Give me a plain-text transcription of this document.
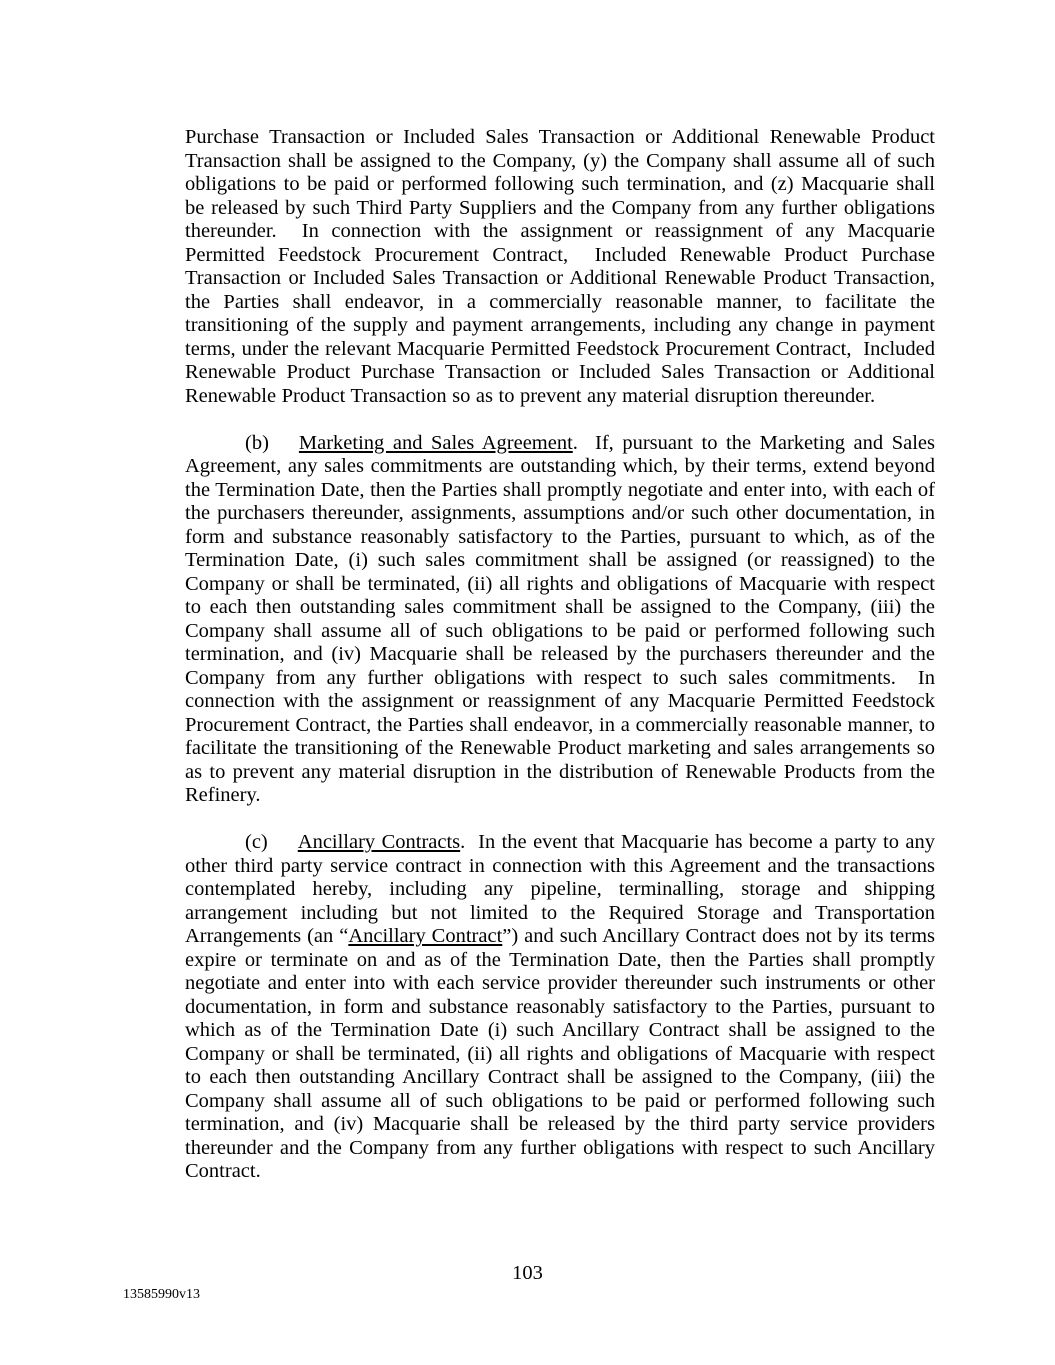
Purchase Transaction or Included Sales Transaction or Additional Renewable Product Transaction shall be assigned to the Company, (y) the Company shall assume all of such obligations to be paid or performed following such termination, and (z) Macquarie shall be released by such Third Party Suppliers and the Company from any further obligations thereunder.  In connection with the assignment or reassignment of any Macquarie Permitted Feedstock Procurement Contract,  Included Renewable Product Purchase Transaction or Included Sales Transaction or Additional Renewable Product Transaction, the Parties shall endeavor, in a commercially reasonable manner, to facilitate the transitioning of the supply and payment arrangements, including any change in payment terms, under the relevant Macquarie Permitted Feedstock Procurement Contract,  Included Renewable Product Purchase Transaction or Included Sales Transaction or Additional Renewable Product Transaction so as to prevent any material disruption thereunder.

(b) Marketing and Sales Agreement.  If, pursuant to the Marketing and Sales Agreement, any sales commitments are outstanding which, by their terms, extend beyond the Termination Date, then the Parties shall promptly negotiate and enter into, with each of the purchasers thereunder, assignments, assumptions and/or such other documentation, in form and substance reasonably satisfactory to the Parties, pursuant to which, as of the Termination Date, (i) such sales commitment shall be assigned (or reassigned) to the Company or shall be terminated, (ii) all rights and obligations of Macquarie with respect to each then outstanding sales commitment shall be assigned to the Company, (iii) the Company shall assume all of such obligations to be paid or performed following such termination, and (iv) Macquarie shall be released by the purchasers thereunder and the Company from any further obligations with respect to such sales commitments.  In connection with the assignment or reassignment of any Macquarie Permitted Feedstock Procurement Contract, the Parties shall endeavor, in a commercially reasonable manner, to facilitate the transitioning of the Renewable Product marketing and sales arrangements so as to prevent any material disruption in the distribution of Renewable Products from the Refinery.

(c) Ancillary Contracts.  In the event that Macquarie has become a party to any other third party service contract in connection with this Agreement and the transactions contemplated hereby, including any pipeline, terminalling, storage and shipping arrangement including but not limited to the Required Storage and Transportation Arrangements (an “Ancillary Contract”) and such Ancillary Contract does not by its terms expire or terminate on and as of the Termination Date, then the Parties shall promptly negotiate and enter into with each service provider thereunder such instruments or other documentation, in form and substance reasonably satisfactory to the Parties, pursuant to which as of the Termination Date (i) such Ancillary Contract shall be assigned to the Company or shall be terminated, (ii) all rights and obligations of Macquarie with respect to each then outstanding Ancillary Contract shall be assigned to the Company, (iii) the Company shall assume all of such obligations to be paid or performed following such termination, and (iv) Macquarie shall be released by the third party service providers thereunder and the Company from any further obligations with respect to such Ancillary Contract.

103
13585990v13
